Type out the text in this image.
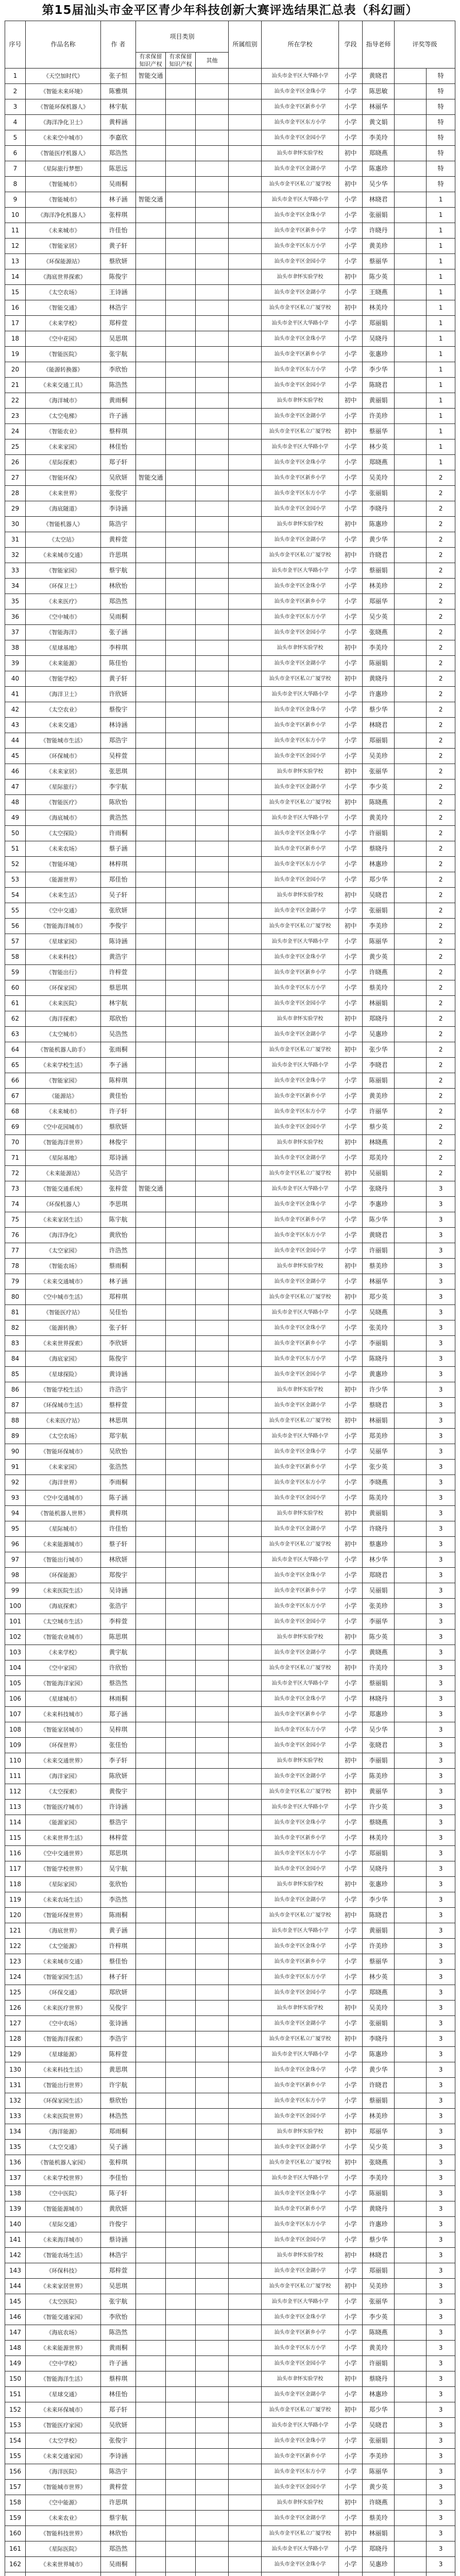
第15届汕头市金平区青少年科技创新大赛评选结果汇总表（科幻画）
序号	作品名称	作 者	项目类别			所属组别	所在学校	学段	指导老师	评奖等级	
			有求保留知识产权	有求保留知识产权	其他						
1	《天空加时代》	张子恒	智能交通				汕头市金平区大华路小学	小学	黄晓君		特
2	《智能未来环境》	陈雅琪					汕头市金平区金珠小学	小学	陈思敏		特
3	《智能环保机器人》	林宇航					汕头市金平区新乡小学	小学	林丽华		特
4	《海洋净化卫士》	黄梓涵					汕头市金平区东方小学	小学	黄文娟		特
5	《未来空中城市》	李嘉欣					汕头市金平区金园小学	小学	李美玲		特
6	《智能医疗机器人》	郑浩然					汕头市聿怀实验学校	初中	郑晓燕		特
7	《星际旅行梦想》	陈思远					汕头市金平区金湖小学	小学	陈惠珍		特
8	《智能城市》	吴雨桐					汕头市金平区私立广厦学校	初中	吴少华		特
9	《智能城市》	林子涵	智能交通				汕头市金平区大华路小学	小学	林晓君		1
10	《海洋净化机器人》	张梓琪					汕头市金平区金珠小学	小学	张丽娟		1
11	《未来城市》	许佳怡					汕头市金平区新乡小学	小学	许晓丹		1
12	《智能家居》	黄子轩					汕头市金平区东方小学	小学	黄美珍		1
13	《环保能源站》	蔡欣妍					汕头市金平区金园小学	小学	蔡丽华		1
14	《海底世界探索》	陈俊宇					汕头市聿怀实验学校	初中	陈少英		1
15	《太空农场》	王诗涵					汕头市金平区金湖小学	小学	王晓燕		1
16	《智能交通》	林浩宇					汕头市金平区私立广厦学校	初中	林美玲		1
17	《未来学校》	郑梓萱					汕头市金平区大华路小学	小学	郑丽娟		1
18	《空中花园》	吴思琪					汕头市金平区金珠小学	小学	吴晓丹		1
19	《智能医院》	张宇航					汕头市金平区新乡小学	小学	张惠珍		1
20	《能源转换器》	李欣怡					汕头市金平区东方小学	小学	李少华		1
21	《未来交通工具》	陈浩然					汕头市金平区金园小学	小学	陈晓君		1
22	《海洋城市》	黄雨桐					汕头市聿怀实验学校	初中	黄丽娟		1
23	《太空电梯》	许子涵					汕头市金平区金湖小学	小学	许美珍		1
24	《智能农业》	蔡梓琪					汕头市金平区私立广厦学校	初中	蔡丽华		1
25	《未来家园》	林佳怡					汕头市金平区大华路小学	小学	林少英		1
26	《星际探索》	郑子轩					汕头市金平区金珠小学	小学	郑晓燕		1
27	《智能环保》	吴欣妍	智能交通				汕头市金平区新乡小学	小学	吴美玲		2
28	《未来世界》	张俊宇					汕头市金平区东方小学	小学	张丽娟		2
29	《海底隧道》	李诗涵					汕头市金平区金园小学	小学	李晓丹		2
30	《智能机器人》	陈浩宇					汕头市聿怀实验学校	初中	陈惠珍		2
31	《太空站》	黄梓萱					汕头市金平区金湖小学	小学	黄少华		2
32	《未来城市交通》	许思琪					汕头市金平区私立广厦学校	初中	许晓君		2
33	《智能家园》	蔡宇航					汕头市金平区大华路小学	小学	蔡丽娟		2
34	《环保卫士》	林欣怡					汕头市金平区金珠小学	小学	林美珍		2
35	《未来医疗》	郑浩然					汕头市金平区新乡小学	小学	郑丽华		2
36	《空中城市》	吴雨桐					汕头市金平区东方小学	小学	吴少英		2
37	《智能海洋》	张子涵					汕头市金平区金园小学	小学	张晓燕		2
38	《星球基地》	李梓琪					汕头市聿怀实验学校	初中	李美玲		2
39	《未来能源》	陈佳怡					汕头市金平区金湖小学	小学	陈丽娟		2
40	《智能学校》	黄子轩					汕头市金平区私立广厦学校	初中	黄晓丹		2
41	《海洋卫士》	许欣妍					汕头市金平区大华路小学	小学	许惠珍		2
42	《太空农业》	蔡俊宇					汕头市金平区金珠小学	小学	蔡少华		2
43	《未来交通》	林诗涵					汕头市金平区新乡小学	小学	林晓君		2
44	《智能城市生活》	郑浩宇					汕头市金平区东方小学	小学	郑丽娟		2
45	《环保城市》	吴梓萱					汕头市金平区金园小学	小学	吴美珍		2
46	《未来家居》	张思琪					汕头市聿怀实验学校	初中	张丽华		2
47	《星际旅行》	李宇航					汕头市金平区金湖小学	小学	李少英		2
48	《智能医疗》	陈欣怡					汕头市金平区私立广厦学校	初中	陈晓燕		2
49	《海底城市》	黄浩然					汕头市金平区大华路小学	小学	黄美玲		2
50	《太空探险》	许雨桐					汕头市金平区金珠小学	小学	许丽娟		2
51	《未来农场》	蔡子涵					汕头市金平区新乡小学	小学	蔡晓丹		2
52	《智能环境》	林梓琪					汕头市金平区东方小学	小学	林惠珍		2
53	《能源世界》	郑佳怡					汕头市金平区金园小学	小学	郑少华		2
54	《未来生活》	吴子轩					汕头市聿怀实验学校	初中	吴晓君		2
55	《空中交通》	张欣妍					汕头市金平区金湖小学	小学	张丽娟		2
56	《智能海洋城市》	李俊宇					汕头市金平区私立广厦学校	初中	李美珍		2
57	《星球家园》	陈诗涵					汕头市金平区大华路小学	小学	陈丽华		2
58	《未来科技》	黄浩宇					汕头市金平区金珠小学	小学	黄少英		2
59	《智能出行》	许梓萱					汕头市金平区新乡小学	小学	许晓燕		2
60	《环保家园》	蔡思琪					汕头市金平区东方小学	小学	蔡美玲		2
61	《未来医院》	林宇航					汕头市金平区金园小学	小学	林丽娟		2
62	《海洋探索》	郑欣怡					汕头市聿怀实验学校	初中	郑晓丹		2
63	《太空城市》	吴浩然					汕头市金平区金湖小学	小学	吴惠珍		2
64	《智能机器人助手》	张雨桐					汕头市金平区私立广厦学校	初中	张少华		2
65	《未来学校生活》	李子涵					汕头市金平区大华路小学	小学	李晓君		2
66	《智能家园》	陈梓琪					汕头市金平区金珠小学	小学	陈丽娟		2
67	《能源站》	黄佳怡					汕头市金平区新乡小学	小学	黄美珍		2
68	《未来城市》	许子轩					汕头市金平区东方小学	小学	许丽华		2
69	《空中花园城市》	蔡欣妍					汕头市金平区金园小学	小学	蔡少英		2
70	《智能海洋世界》	林俊宇					汕头市聿怀实验学校	初中	林晓燕		2
71	《星际基地》	郑诗涵					汕头市金平区金湖小学	小学	郑美玲		2
72	《未来能源站》	吴浩宇					汕头市金平区私立广厦学校	初中	吴丽娟		2
73	《智能交通系统》	张梓萱	智能交通				汕头市金平区大华路小学	小学	张晓丹		3
74	《环保机器人》	李思琪					汕头市金平区金珠小学	小学	李惠珍		3
75	《未来家居生活》	陈宇航					汕头市金平区新乡小学	小学	陈少华		3
76	《海洋净化》	黄欣怡					汕头市金平区东方小学	小学	黄晓君		3
77	《太空家园》	许浩然					汕头市金平区金园小学	小学	许丽娟		3
78	《智能农场》	蔡雨桐					汕头市聿怀实验学校	初中	蔡美珍		3
79	《未来交通城市》	林子涵					汕头市金平区金湖小学	小学	林丽华		3
80	《空中城市生活》	郑梓琪					汕头市金平区私立广厦学校	初中	郑少英		3
81	《智能医疗站》	吴佳怡					汕头市金平区大华路小学	小学	吴晓燕		3
82	《能源转换》	张子轩					汕头市金平区金珠小学	小学	张美玲		3
83	《未来世界探索》	李欣妍					汕头市金平区新乡小学	小学	李丽娟		3
84	《海底家园》	陈俊宇					汕头市金平区东方小学	小学	陈晓丹		3
85	《星球探险》	黄诗涵					汕头市金平区金园小学	小学	黄惠珍		3
86	《智能学校生活》	许浩宇					汕头市聿怀实验学校	初中	许少华		3
87	《环保城市生活》	蔡梓萱					汕头市金平区金湖小学	小学	蔡晓君		3
88	《未来医疗站》	林思琪					汕头市金平区私立广厦学校	初中	林丽娟		3
89	《太空农场》	郑宇航					汕头市金平区大华路小学	小学	郑美珍		3
90	《智能环保城市》	吴欣怡					汕头市金平区金珠小学	小学	吴丽华		3
91	《未来家园》	张浩然					汕头市金平区新乡小学	小学	张少英		3
92	《海洋世界》	李雨桐					汕头市金平区东方小学	小学	李晓燕		3
93	《空中交通城市》	陈子涵					汕头市金平区金园小学	小学	陈美玲		3
94	《智能机器人世界》	黄梓琪					汕头市聿怀实验学校	初中	黄丽娟		3
95	《星际城市》	许佳怡					汕头市金平区金湖小学	小学	许晓丹		3
96	《未来能源城市》	蔡子轩					汕头市金平区私立广厦学校	初中	蔡惠珍		3
97	《智能出行城市》	林欣妍					汕头市金平区大华路小学	小学	林少华		3
98	《环保能源》	郑俊宇					汕头市金平区金珠小学	小学	郑晓君		3
99	《未来医院生活》	吴诗涵					汕头市金平区新乡小学	小学	吴丽娟		3
100	《海底探索》	张浩宇					汕头市金平区东方小学	小学	张美珍		3
101	《太空城市生活》	李梓萱					汕头市金平区金园小学	小学	李丽华		3
102	《智能农业城市》	陈思琪					汕头市聿怀实验学校	初中	陈少英		3
103	《未来学校》	黄宇航					汕头市金平区金湖小学	小学	黄晓燕		3
104	《空中家园》	许欣怡					汕头市金平区私立广厦学校	初中	许美玲		3
105	《智能海洋家园》	蔡浩然					汕头市金平区大华路小学	小学	蔡丽娟		3
106	《星球城市》	林雨桐					汕头市金平区金珠小学	小学	林晓丹		3
107	《未来科技城市》	郑子涵					汕头市金平区新乡小学	小学	郑惠珍		3
108	《智能家居城市》	吴梓琪					汕头市金平区东方小学	小学	吴少华		3
109	《环保世界》	张佳怡					汕头市金平区金园小学	小学	张晓君		3
110	《未来交通世界》	李子轩					汕头市聿怀实验学校	初中	李丽娟		3
111	《海洋家园》	陈欣妍					汕头市金平区金湖小学	小学	陈美珍		3
112	《太空探索》	黄俊宇					汕头市金平区私立广厦学校	初中	黄丽华		3
113	《智能医疗城市》	许诗涵					汕头市金平区大华路小学	小学	许少英		3
114	《能源家园》	蔡浩宇					汕头市金平区金珠小学	小学	蔡晓燕		3
115	《未来世界生活》	林梓萱					汕头市金平区新乡小学	小学	林美玲		3
116	《空中交通世界》	郑思琪					汕头市金平区东方小学	小学	郑丽娟		3
117	《智能学校世界》	吴宇航					汕头市金平区金园小学	小学	吴晓丹		3
118	《星际家园》	张欣怡					汕头市聿怀实验学校	初中	张惠珍		3
119	《未来农场生活》	李浩然					汕头市金平区金湖小学	小学	李少华		3
120	《智能环保世界》	陈雨桐					汕头市金平区私立广厦学校	初中	陈晓君		3
121	《海底世界》	黄子涵					汕头市金平区大华路小学	小学	黄丽娟		3
122	《太空能源》	许梓琪					汕头市金平区金珠小学	小学	许美珍		3
123	《未来城市交通》	蔡佳怡					汕头市金平区新乡小学	小学	蔡丽华		3
124	《智能家园生活》	林子轩					汕头市金平区东方小学	小学	林少英		3
125	《环保交通》	郑欣妍					汕头市金平区金园小学	小学	郑晓燕		3
126	《未来医疗世界》	吴俊宇					汕头市聿怀实验学校	初中	吴美玲		3
127	《空中农场》	张诗涵					汕头市金平区金湖小学	小学	张丽娟		3
128	《智能海洋探索》	李浩宇					汕头市金平区私立广厦学校	初中	李晓丹		3
129	《星球能源》	陈梓萱					汕头市金平区大华路小学	小学	陈惠珍		3
130	《未来科技生活》	黄思琪					汕头市金平区金珠小学	小学	黄少华		3
131	《智能出行世界》	许宇航					汕头市金平区新乡小学	小学	许晓君		3
132	《环保家园生活》	蔡欣怡					汕头市金平区东方小学	小学	蔡丽娟		3
133	《未来医院世界》	林浩然					汕头市金平区金园小学	小学	林美珍		3
134	《海洋能源》	郑雨桐					汕头市聿怀实验学校	初中	郑丽华		3
135	《太空交通》	吴子涵					汕头市金平区金湖小学	小学	吴少英		3
136	《智能机器人家园》	张梓琪					汕头市金平区私立广厦学校	初中	张晓燕		3
137	《未来学校世界》	李佳怡					汕头市金平区大华路小学	小学	李美玲		3
138	《空中医院》	陈子轩					汕头市金平区金珠小学	小学	陈丽娟		3
139	《智能能源城市》	黄欣妍					汕头市金平区新乡小学	小学	黄晓丹		3
140	《星际交通》	许俊宇					汕头市金平区东方小学	小学	许惠珍		3
141	《未来海洋城市》	蔡诗涵					汕头市金平区金园小学	小学	蔡少华		3
142	《智能农场生活》	林浩宇					汕头市聿怀实验学校	初中	林晓君		3
143	《环保科技》	郑梓萱					汕头市金平区金湖小学	小学	郑丽娟		3
144	《未来家居世界》	吴思琪					汕头市金平区私立广厦学校	初中	吴美珍		3
145	《太空医院》	张宇航					汕头市金平区大华路小学	小学	张丽华		3
146	《智能交通家园》	李欣怡					汕头市金平区金珠小学	小学	李少英		3
147	《海底农场》	陈浩然					汕头市金平区新乡小学	小学	陈晓燕		3
148	《未来能源世界》	黄雨桐					汕头市金平区东方小学	小学	黄美玲		3
149	《空中学校》	许子涵					汕头市金平区金园小学	小学	许丽娟		3
150	《智能海洋生活》	蔡梓琪					汕头市聿怀实验学校	初中	蔡晓丹		3
151	《星球交通》	林佳怡					汕头市金平区金湖小学	小学	林惠珍		3
152	《未来环保城市》	郑子轩					汕头市金平区私立广厦学校	初中	郑少华		3
153	《智能医疗家园》	吴欣妍					汕头市金平区大华路小学	小学	吴晓君		3
154	《太空学校》	张俊宇					汕头市金平区金珠小学	小学	张丽娟		3
155	《未来交通家园》	李诗涵					汕头市金平区新乡小学	小学	李美珍		3
156	《海洋医院》	陈浩宇					汕头市金平区东方小学	小学	陈丽华		3
157	《智能城市世界》	黄梓萱					汕头市金平区金园小学	小学	黄少英		3
158	《空中能源》	许思琪					汕头市聿怀实验学校	初中	许晓燕		3
159	《未来农业》	蔡宇航					汕头市金平区金湖小学	小学	蔡美玲		3
160	《智能科技世界》	林欣怡					汕头市金平区私立广厦学校	初中	林丽娟		3
161	《星际医院》	郑浩然					汕头市金平区大华路小学	小学	郑晓丹		3
162	《未来世界城市》	吴雨桐					汕头市金平区金珠小学	小学	吴惠珍		3
